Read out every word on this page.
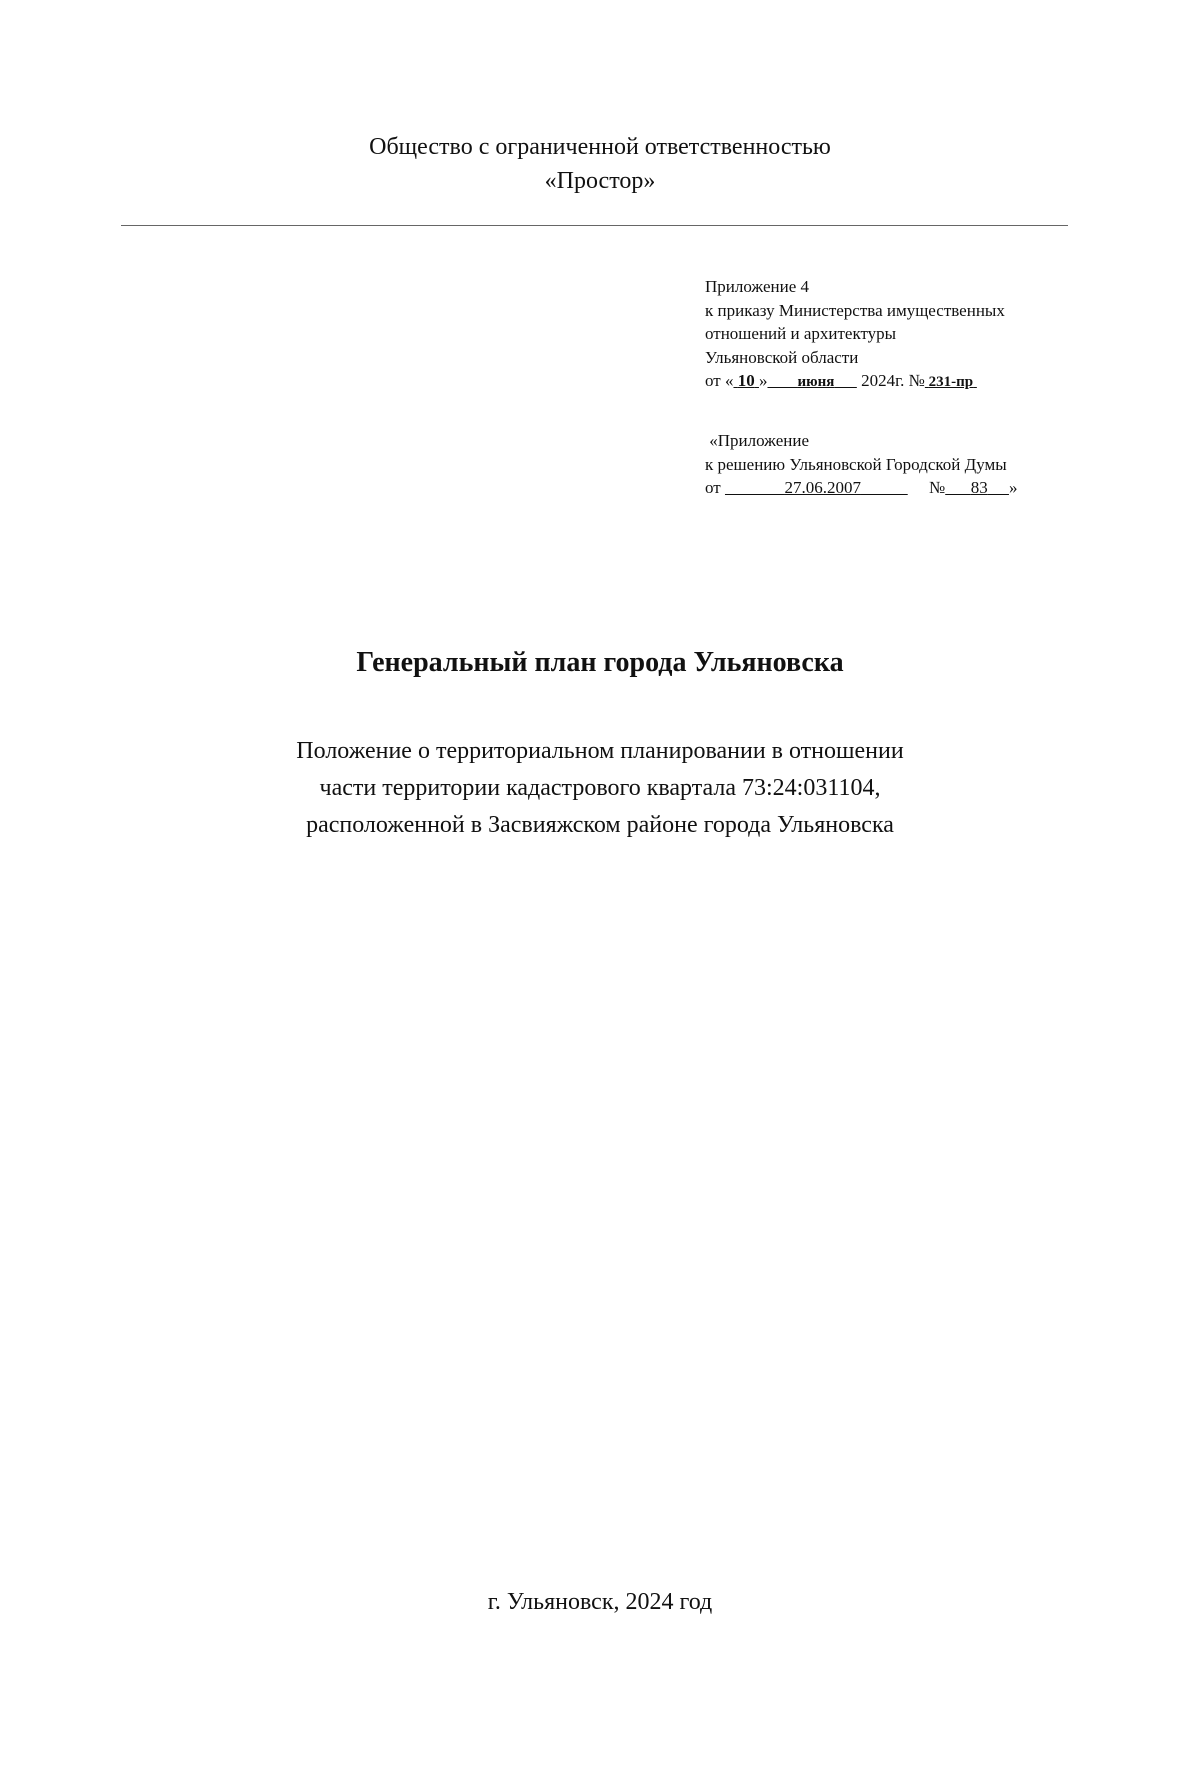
Общество с ограниченной ответственностью
«Простор»
Приложение 4
к приказу Министерства имущественных
отношений и архитектуры
Ульяновской области
от « 10 » июня 2024г. № 231-пр
«Приложение
к решению Ульяновской Городской Думы
от	27.06.2007	№ 83 »
Генеральный план города Ульяновска
Положение о территориальном планировании в отношении
части территории кадастрового квартала 73:24:031104,
расположенной в Засвияжском районе города Ульяновска
г. Ульяновск, 2024 год
